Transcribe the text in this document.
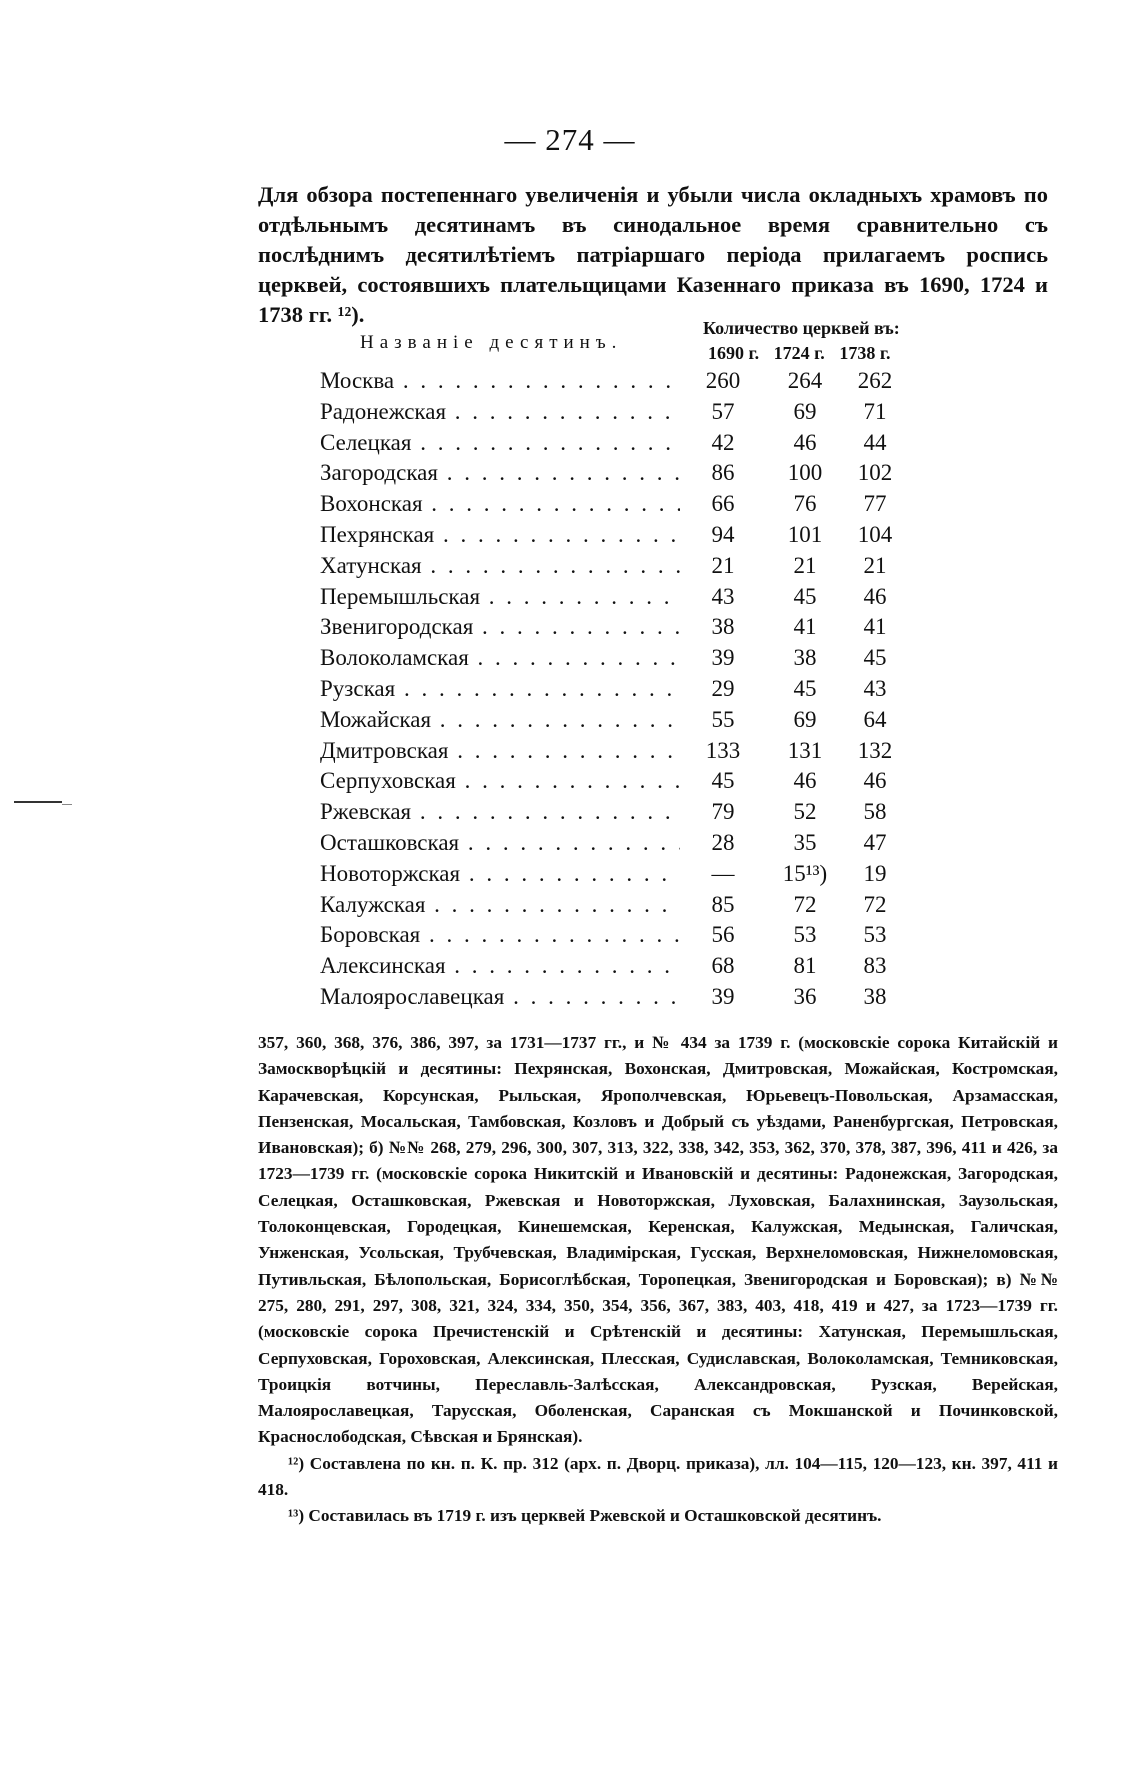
— 274 —
Для обзора постепеннаго увеличенія и убыли числа окладныхъ храмовъ по отдѣльнымъ десятинамъ въ синодальное время сравнительно съ послѣднимъ десятилѣтіемъ патріаршаго періода прилагаемъ роспись церквей, состоявшихъ плательщицами Казеннаго приказа въ 1690, 1724 и 1738 гг. ¹²).
Названіе десятинъ.
Количество церквей въ:
1690 г. 1724 г. 1738 г.
Москва . . .	260	264	262
Радонежская . . .	57	69	71
Селецкая . . .	42	46	44
Загородская . . .	86	100	102
Вохонская . . .	66	76	77
Пехрянская . . .	94	101	104
Хатунская . . .	21	21	21
Перемышльская . . .	43	45	46
Звенигородская . . .	38	41	41
Волоколамская . . .	39	38	45
Рузская . . .	29	45	43
Можайская . . .	55	69	64
Дмитровская . . .	133	131	132
Серпуховская . . .	45	46	46
Ржевская . . .	79	52	58
Осташковская . . .	28	35	47
Новоторжская . . .	—	15¹³)	19
Калужская . . .	85	72	72
Боровская . . .	56	53	53
Алексинская . . .	68	81	83
Малоярославецкая . . .	39	36	38

357, 360, 368, 376, 386, 397, за 1731—1737 гг., и № 434 за 1739 г. (московскіе сорока Китайскій и Замоскворѣцкій и десятины: Пехрянская, Вохонская, Дмитровская, Можайская, Костромская, Карачевская, Корсунская, Рыльская, Ярополчевская, Юрьевецъ-Повольская, Арзамасская, Пензенская, Мосальская, Тамбовская, Козловъ и Добрый съ уѣздами, Раненбургская, Петровская, Ивановская); б) №№ 268, 279, 296, 300, 307, 313, 322, 338, 342, 353, 362, 370, 378, 387, 396, 411 и 426, за 1723—1739 гг. (московскіе сорока Никитскій и Ивановскій и десятины: Радонежская, Загородская, Селецкая, Осташковская, Ржевская и Новоторжская, Луховская, Балахнинская, Заузольская, Толоконцевская, Городецкая, Кинешемская, Керенская, Калужская, Медынская, Галичская, Унженская, Усольская, Трубчевская, Владимірская, Гусская, Верхнеломовская, Нижнеломовская, Путивльская, Бѣлопольская, Борисоглѣбская, Торопецкая, Звенигородская и Боровская); в) №№ 275, 280, 291, 297, 308, 321, 324, 334, 350, 354, 356, 367, 383, 403, 418, 419 и 427, за 1723—1739 гг. (московскіе сорока Пречистенскій и Срѣтенскій и десятины: Хатунская, Перемышльская, Серпуховская, Гороховская, Алексинская, Плесская, Судиславская, Волоколамская, Темниковская, Троицкія вотчины, Переславль-Залѣсская, Александровская, Рузская, Верейская, Малоярославецкая, Тарусская, Оболенская, Саранская съ Мокшанской и Починковской, Краснослободская, Сѣвская и Брянская).

¹²) Составлена по кн. п. К. пр. 312 (арх. п. Дворц. приказа), лл. 104—115, 120—123, кн. 397, 411 и 418.

¹³) Составилась въ 1719 г. изъ церквей Ржевской и Осташковской десятинъ.
